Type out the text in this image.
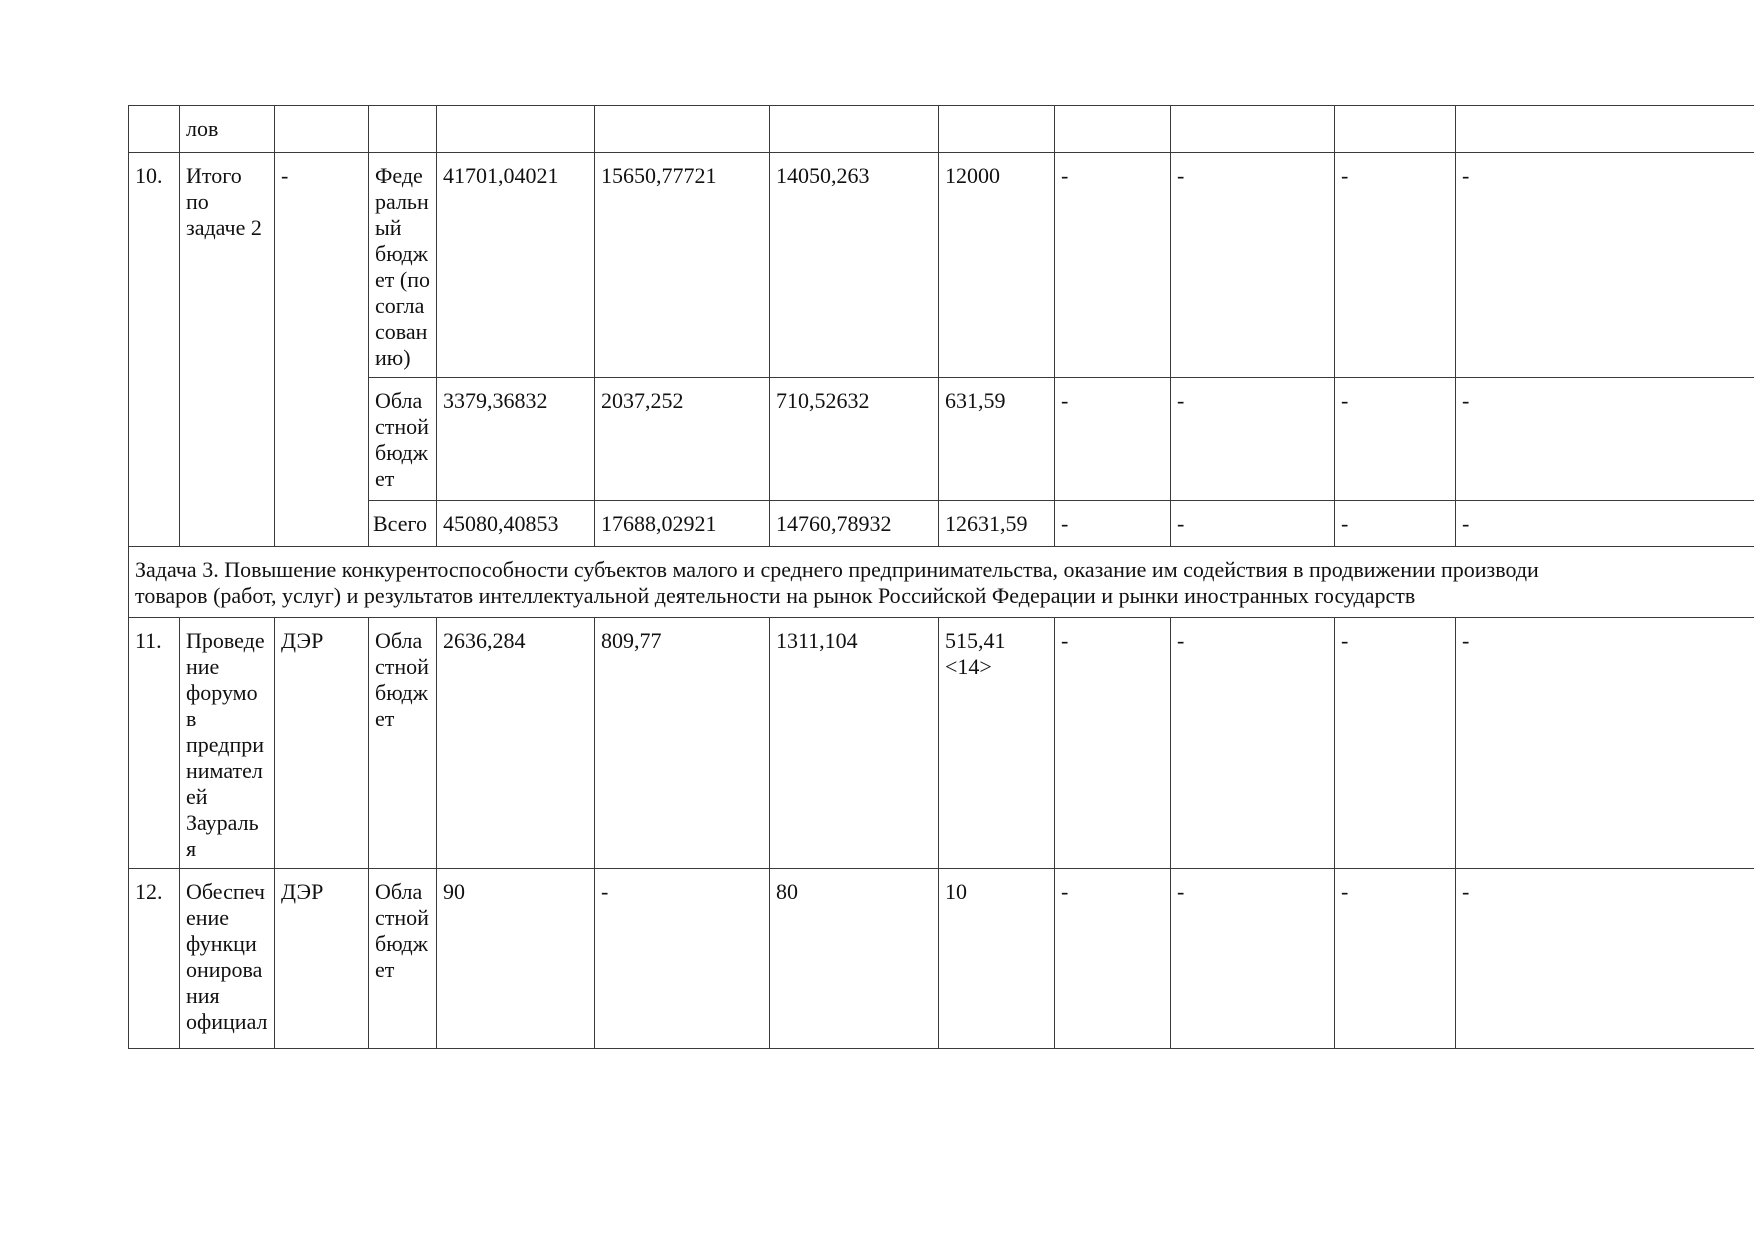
	лов										
10.	Итого по задаче 2	-	Феде ральн ый бюдж ет (по согла сован ию)	41701,04021	15650,77721	14050,263	12000	-	-	-	-
			Обла стной бюдж ет	3379,36832	2037,252	710,52632	631,59	-	-	-	-
			Всего	45080,40853	17688,02921	14760,78932	12631,59	-	-	-	-

Задача 3. Повышение конкурентоспособности субъектов малого и среднего предпринимательства, оказание им содействия в продвижении производи
товаров (работ, услуг) и результатов интеллектуальной деятельности на рынок Российской Федерации и рынки иностранных государств											

11.	Проведе ние форумо в предпри нимател ей Заураль я	ДЭР	Обла стной бюдж ет	2636,284	809,77	1311,104	515,41 <14>	-	-	-	-
12.	Обеспеч ение функци онирова ния официал	ДЭР	Обла стной бюдж ет	90	-	80	10	-	-	-	-
